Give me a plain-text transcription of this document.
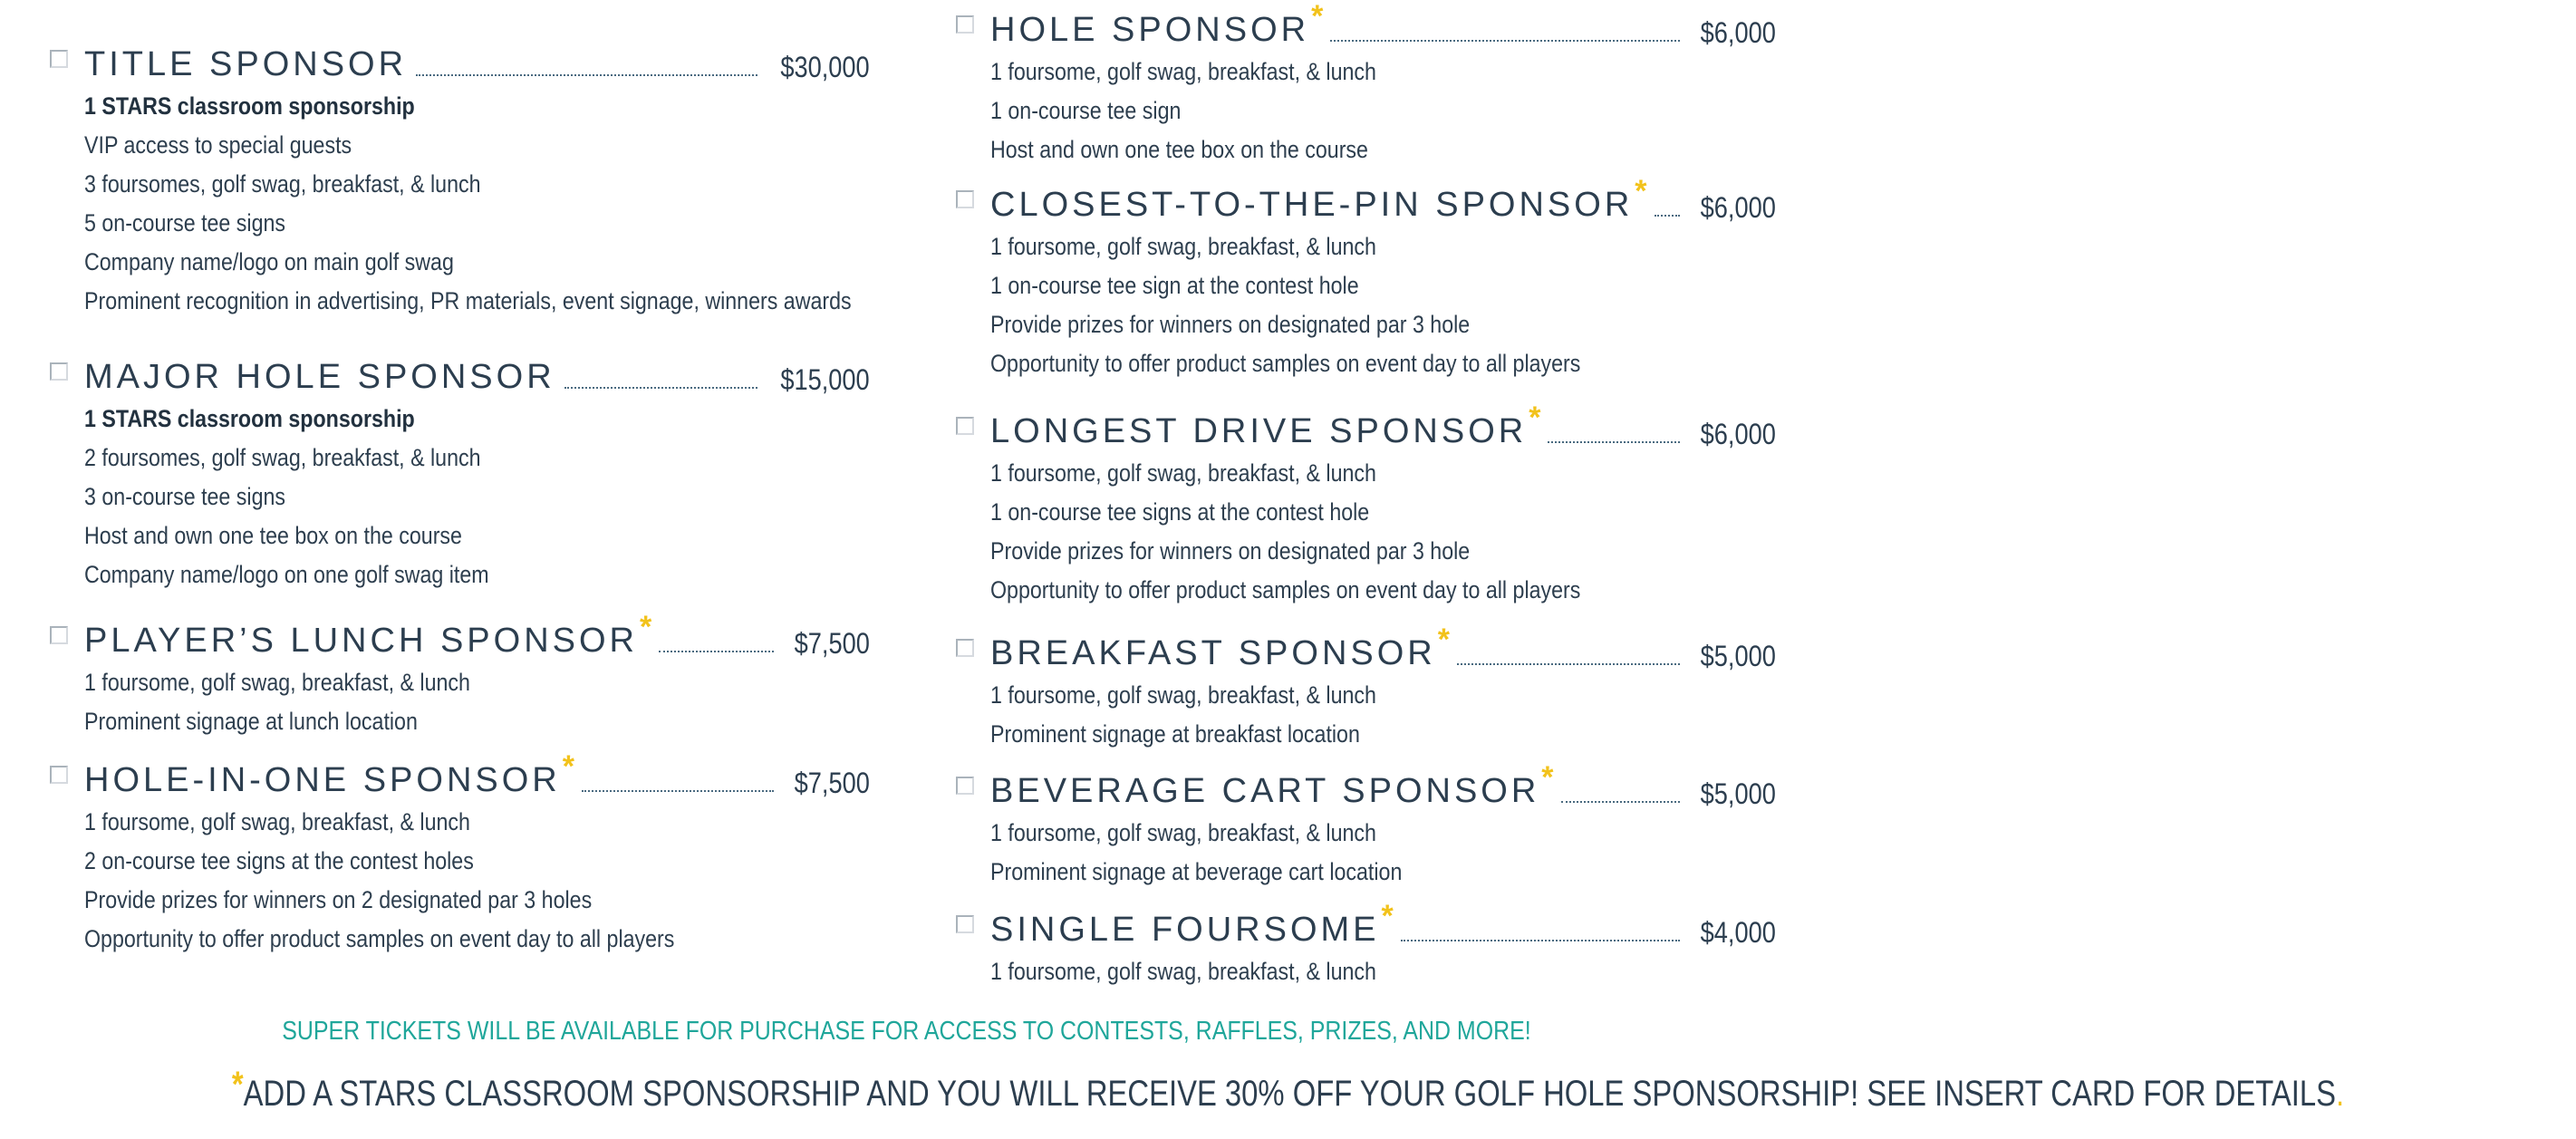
TITLE SPONSOR	$30,000
1 STARS classroom sponsorship
VIP access to special guests
3 foursomes, golf swag, breakfast, & lunch
5 on-course tee signs
Company name/logo on main golf swag
Prominent recognition in advertising, PR materials, event signage, winners awards
MAJOR HOLE SPONSOR	$15,000
1 STARS classroom sponsorship
2 foursomes, golf swag, breakfast, & lunch
3 on-course tee signs
Host and own one tee box on the course
Company name/logo on one golf swag item
PLAYER’S LUNCH SPONSOR *	$7,500
1 foursome, golf swag, breakfast, & lunch
Prominent signage at lunch location
HOLE-IN-ONE SPONSOR *	$7,500
1 foursome, golf swag, breakfast, & lunch
2 on-course tee signs at the contest holes
Provide prizes for winners on 2 designated par 3 holes
Opportunity to offer product samples on event day to all players
HOLE SPONSOR *	$6,000
1 foursome, golf swag, breakfast, & lunch
1 on-course tee sign
Host and own one tee box on the course
CLOSEST-TO-THE-PIN SPONSOR * $6,000
1 foursome, golf swag, breakfast, & lunch
1 on-course tee sign at the contest hole
Provide prizes for winners on designated par 3 hole
Opportunity to offer product samples on event day to all players
LONGEST DRIVE SPONSOR *	$6,000
1 foursome, golf swag, breakfast, & lunch
1 on-course tee signs at the contest hole
Provide prizes for winners on designated par 3 hole
Opportunity to offer product samples on event day to all players
BREAKFAST SPONSOR *	$5,000
1 foursome, golf swag, breakfast, & lunch
Prominent signage at breakfast location
BEVERAGE CART SPONSOR *	$5,000
1 foursome, golf swag, breakfast, & lunch
Prominent signage at beverage cart location
SINGLE FOURSOME *	$4,000
1 foursome, golf swag, breakfast, & lunch
SUPER TICKETS WILL BE AVAILABLE FOR PURCHASE FOR ACCESS TO CONTESTS, RAFFLES, PRIZES, AND MORE!
*ADD A STARS CLASSROOM SPONSORSHIP AND YOU WILL RECEIVE 30% OFF YOUR GOLF HOLE SPONSORSHIP! SEE INSERT CARD FOR DETAILS.
